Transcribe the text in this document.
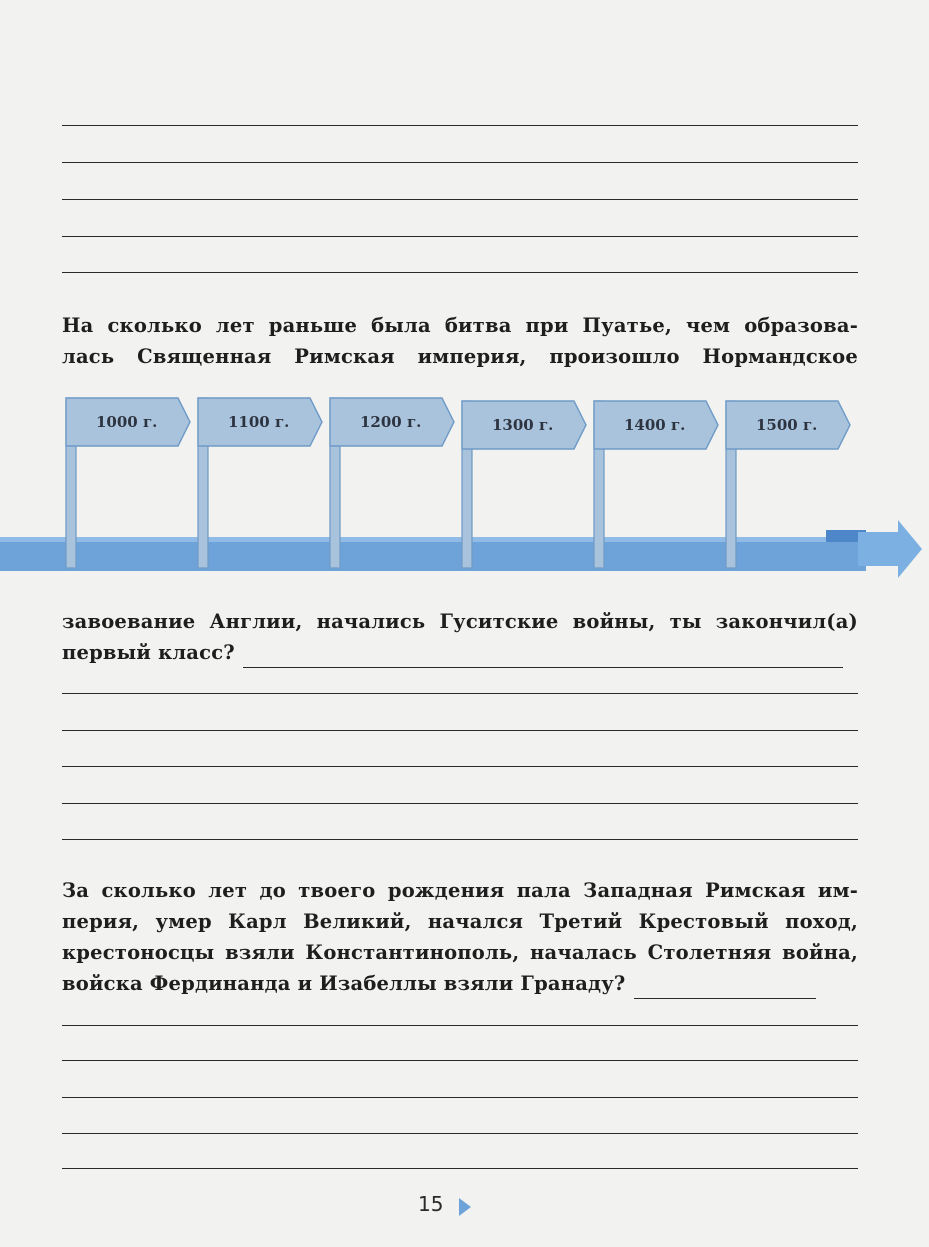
На сколько лет раньше была битва при Пуатье, чем образова-
лась Священная Римская империя, произошло Нормандское
1000 г.	1100 г.	1200 г.	1300 г.	1400 г.	1500 г.
завоевание Англии, начались Гуситские войны, ты закончил(а)
первый класс?
За сколько лет до твоего рождения пала Западная Римская им-
перия, умер Карл Великий, начался Третий Крестовый поход,
крестоносцы взяли Константинополь, началась Столетняя война,
войска Фердинанда и Изабеллы взяли Гранаду?
15
